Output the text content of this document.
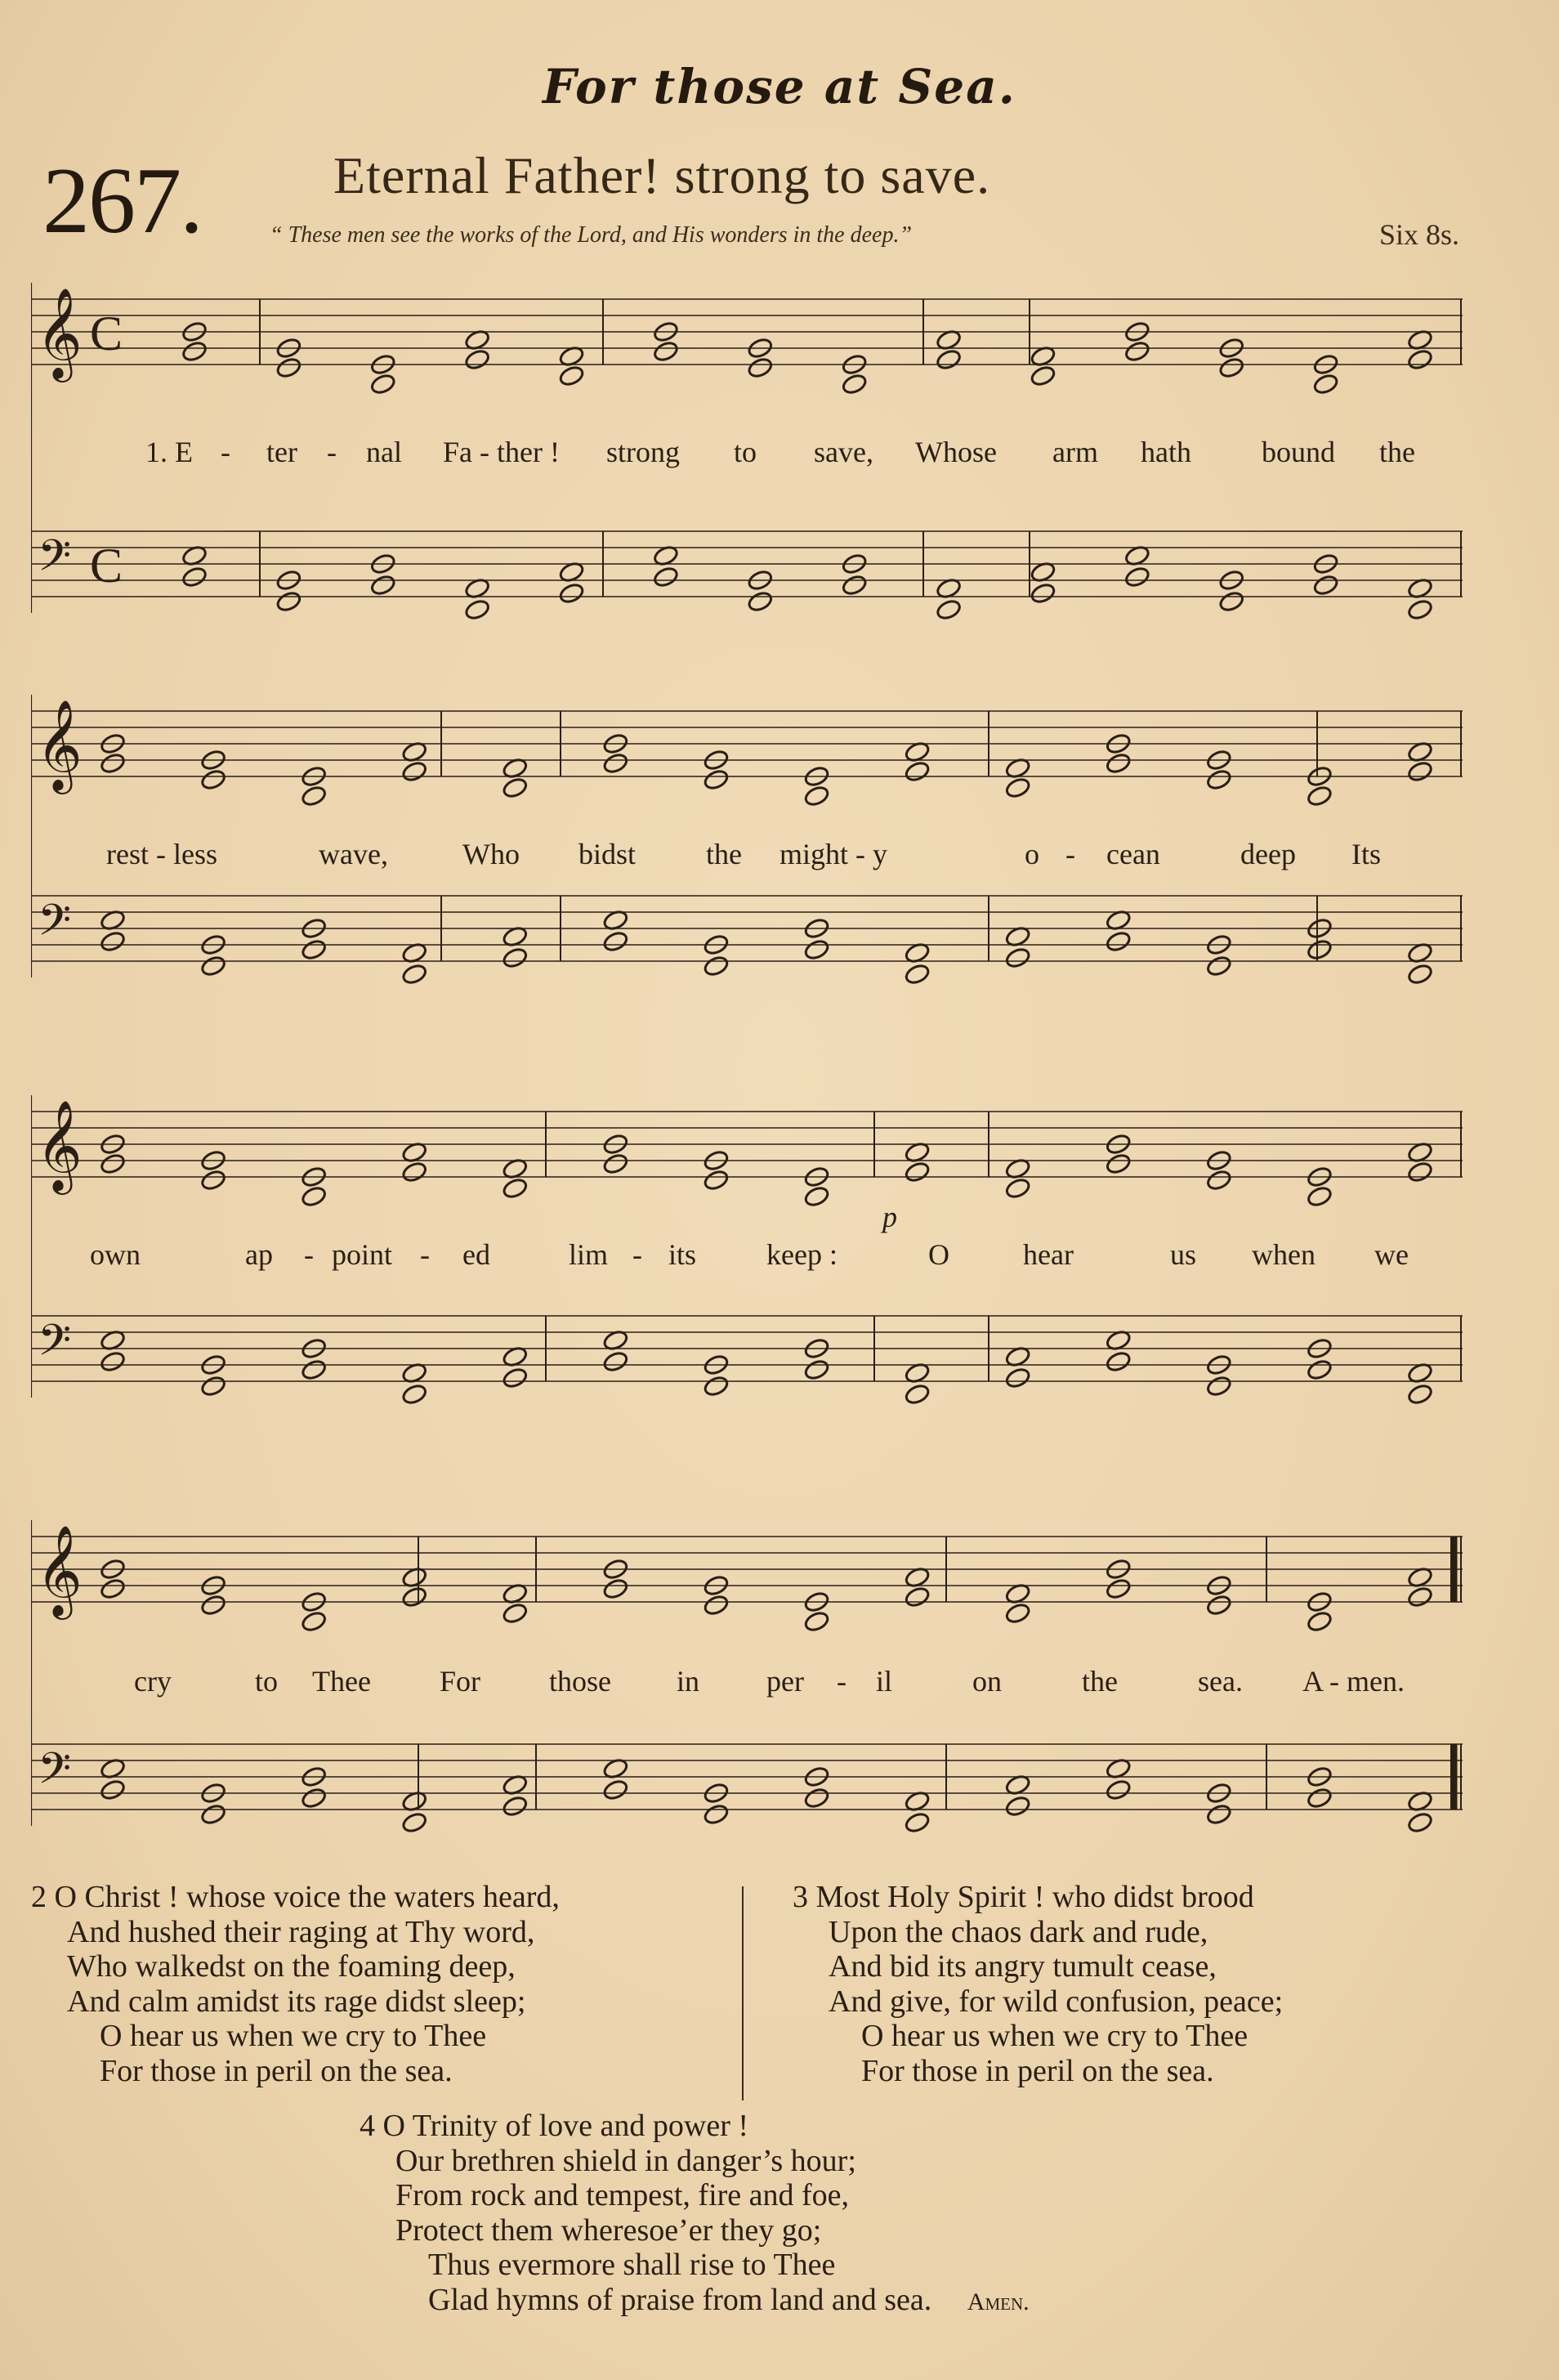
For those at Sea.
267.	Eternal Father! strong to save.
“ These men see the works of the Lord, and His wonders in the deep.”	Six 8s.
𝄞
𝄢
C
C
1. E - ter - nal Fa - ther ! strong to save, Whose arm hath bound the
𝄞
𝄢
rest - less	wave,	Who bidst the might - y	o - cean	deep Its
𝄞
𝄢
own	ap - point - ed	lim - its keep :	O	hear	us when we
𝄞
𝄢
cry	to Thee For those in per - il	on	the	sea. A - men.
p
2 O Christ ! whose voice the waters heard,
And hushed their raging at Thy word,
Who walkedst on the foaming deep,
And calm amidst its rage didst sleep;
O hear us when we cry to Thee
For those in peril on the sea.
3 Most Holy Spirit ! who didst brood
Upon the chaos dark and rude,
And bid its angry tumult cease,
And give, for wild confusion, peace;
O hear us when we cry to Thee
For those in peril on the sea.
4 O Trinity of love and power !
Our brethren shield in danger’s hour;
From rock and tempest, fire and foe,
Protect them wheresoe’er they go;
Thus evermore shall rise to Thee
Glad hymns of praise from land and sea. Amen.
